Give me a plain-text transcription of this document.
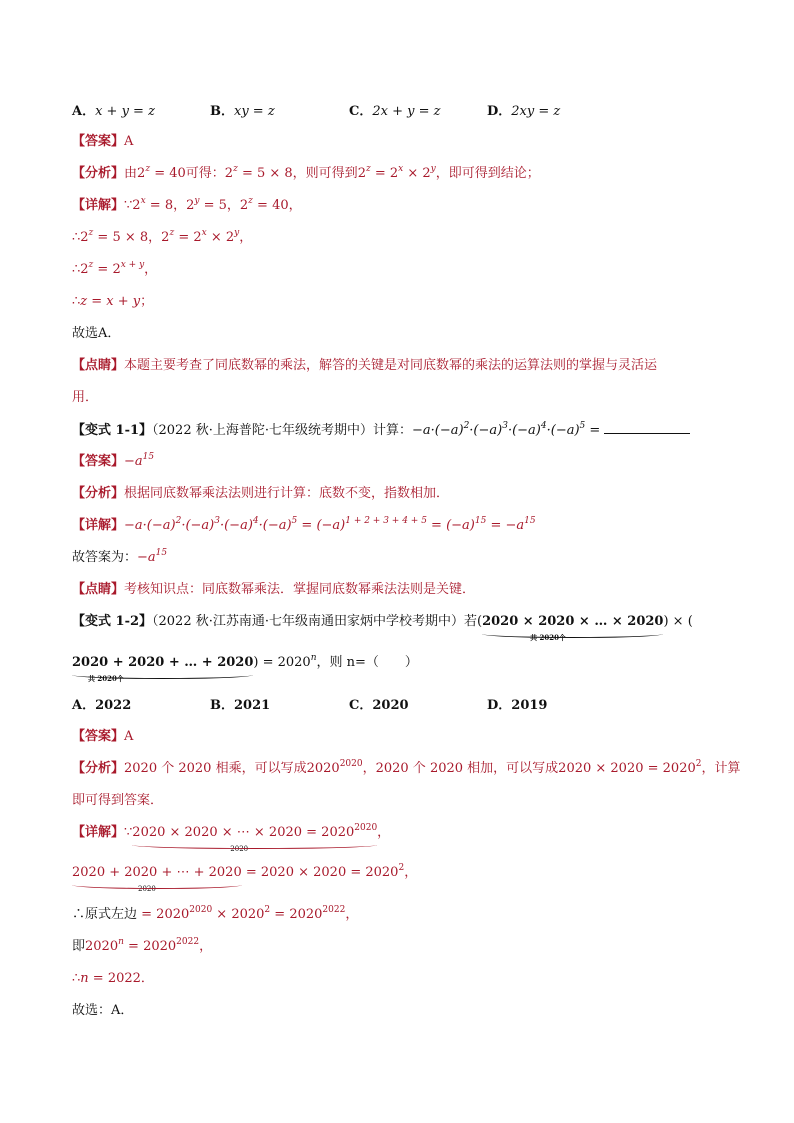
A．x + y = z	B．xy = z	C．2x + y = z	D．2xy = z
【答案】A
【分析】由$2^z = 40$可得：$2^z = 5 \times 8$，则可得到$2^z = 2^x \times 2^y$，即可得到结论；
【详解】$\because 2^x = 8$，$2^y = 5$，$2^z = 40$，
$\therefore 2^z = 5 \times 8$，$2^z = 2^x \times 2^y$，
$\therefore 2^z = 2^{x + y}$，
∴z = x + y；
故选A．
【点睛】本题主要考查了同底数幂的乘法，解答的关键是对同底数幂的乘法的运算法则的掌握与灵活运
用．
【变式 1-1】（2022 秋·上海普陀·七年级统考期中）计算：$-a\cdot(-a)^2\cdot(-a)^3\cdot(-a)^4\cdot(-a)^5$ =
【答案】$-a^{15}$
【分析】根据同底数幂乘法法则进行计算：底数不变，指数相加．
【详解】$-a\cdot(-a)^2\cdot(-a)^3\cdot(-a)^4\cdot(-a)^5 = (-a)^{1 + 2 + 3 + 4 + 5} = (-a)^{15} = -a^{15}$
故答案为：$-a^{15}$
【点睛】考核知识点：同底数幂乘法．掌握同底数幂乘法法则是关键．
【变式 1-2】（2022 秋·江苏南通·七年级南通田家炳中学校考期中）若(2020 × 2020 × … × 2020
共 2020个
) × (
2020 + 2020 + … + 2020
共 2020个
) = $2020^n$，则 n=（　　）
A．2022	B．2021	C．2020	D．2019
【答案】A
【分析】2020 个 2020 相乘，可以写成$2020^{2020}$，2020 个 2020 相加，可以写成$2020 \times 2020 = 2020^2$，计算
即可得到答案．
【详解】∵2020 × 2020 × ⋯ × $2020 = 2020^{2020}$
2020
，
2020 + 2020 + ⋯ + 2020
2020
= $2020 \times 2020 = 2020^2$，
∴原式左边 = $2020^{2020} \times 2020^2 = 2020^{2022}$，
即$2020^n = 2020^{2022}$，
∴n = 2022．
故选：A．
